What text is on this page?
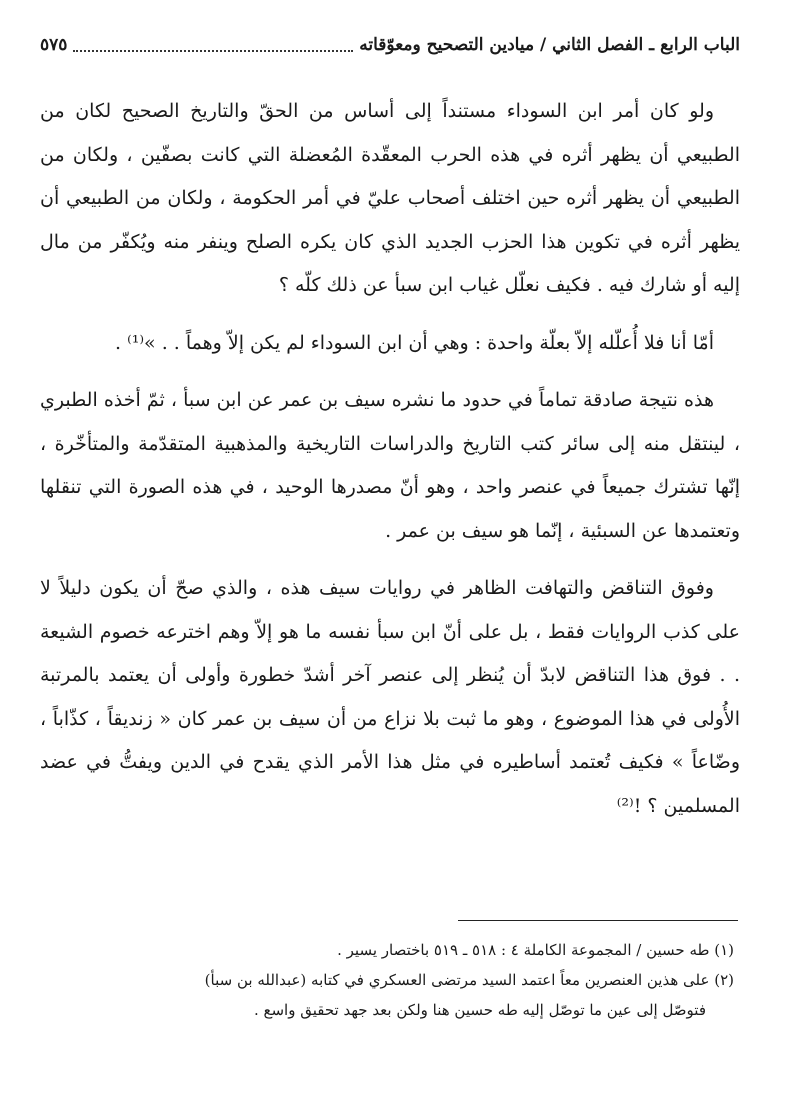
الباب الرابع ـ الفصل الثاني / ميادين التصحيح ومعوّقاته
٥٧٥

ولو كان أمر ابن السوداء مستنداً إلى أساس من الحقّ والتاريخ الصحيح لكان من الطبيعي أن يظهر أثره في هذه الحرب المعقّدة المُعضلة التي كانت بصفّين ، ولكان من الطبيعي أن يظهر أثره حين اختلف أصحاب عليّ في أمر الحكومة ، ولكان من الطبيعي أن يظهر أثره في تكوين هذا الحزب الجديد الذي كان يكره الصلح وينفر منه ويُكفّر من مال إليه أو شارك فيه . فكيف نعلّل غياب ابن سبأ عن ذلك كلّه ؟

أمّا أنا فلا أُعلّله إلاّ بعلّة واحدة : وهي أن ابن السوداء لم يكن إلاّ وهماً . . »⁽¹⁾ .

هذه نتيجة صادقة تماماً في حدود ما نشره سيف بن عمر عن ابن سبأ ، ثمّ أخذه الطبري ، لينتقل منه إلى سائر كتب التاريخ والدراسات التاريخية والمذهبية المتقدّمة والمتأخّرة ، إنّها تشترك جميعاً في عنصر واحد ، وهو أنّ مصدرها الوحيد ، في هذه الصورة التي تنقلها وتعتمدها عن السبئية ، إنّما هو سيف بن عمر .

وفوق التناقض والتهافت الظاهر في روايات سيف هذه ، والذي صحّ أن يكون دليلاً لا على كذب الروايات فقط ، بل على أنّ ابن سبأ نفسه ما هو إلاّ وهم اخترعه خصوم الشيعة . . فوق هذا التناقض لابدّ أن يُنظر إلى عنصر آخر أشدّ خطورة وأولى أن يعتمد بالمرتبة الأُولى في هذا الموضوع ، وهو ما ثبت بلا نزاع من أن سيف بن عمر كان « زنديقاً ، كذّاباً ، وضّاعاً » فكيف تُعتمد أساطيره في مثل هذا الأمر الذي يقدح في الدين ويفتُّ في عضد المسلمين ؟ !⁽²⁾

(١) طه حسين / المجموعة الكاملة ٤ : ٥١٨ ـ ٥١٩ باختصار يسير .

(٢) على هذين العنصرين معاً اعتمد السيد مرتضى العسكري في كتابه (عبدالله بن سبأ)

فتوصّل إلى عين ما توصّل إليه طه حسين هنا ولكن بعد جهد تحقيق واسع .
